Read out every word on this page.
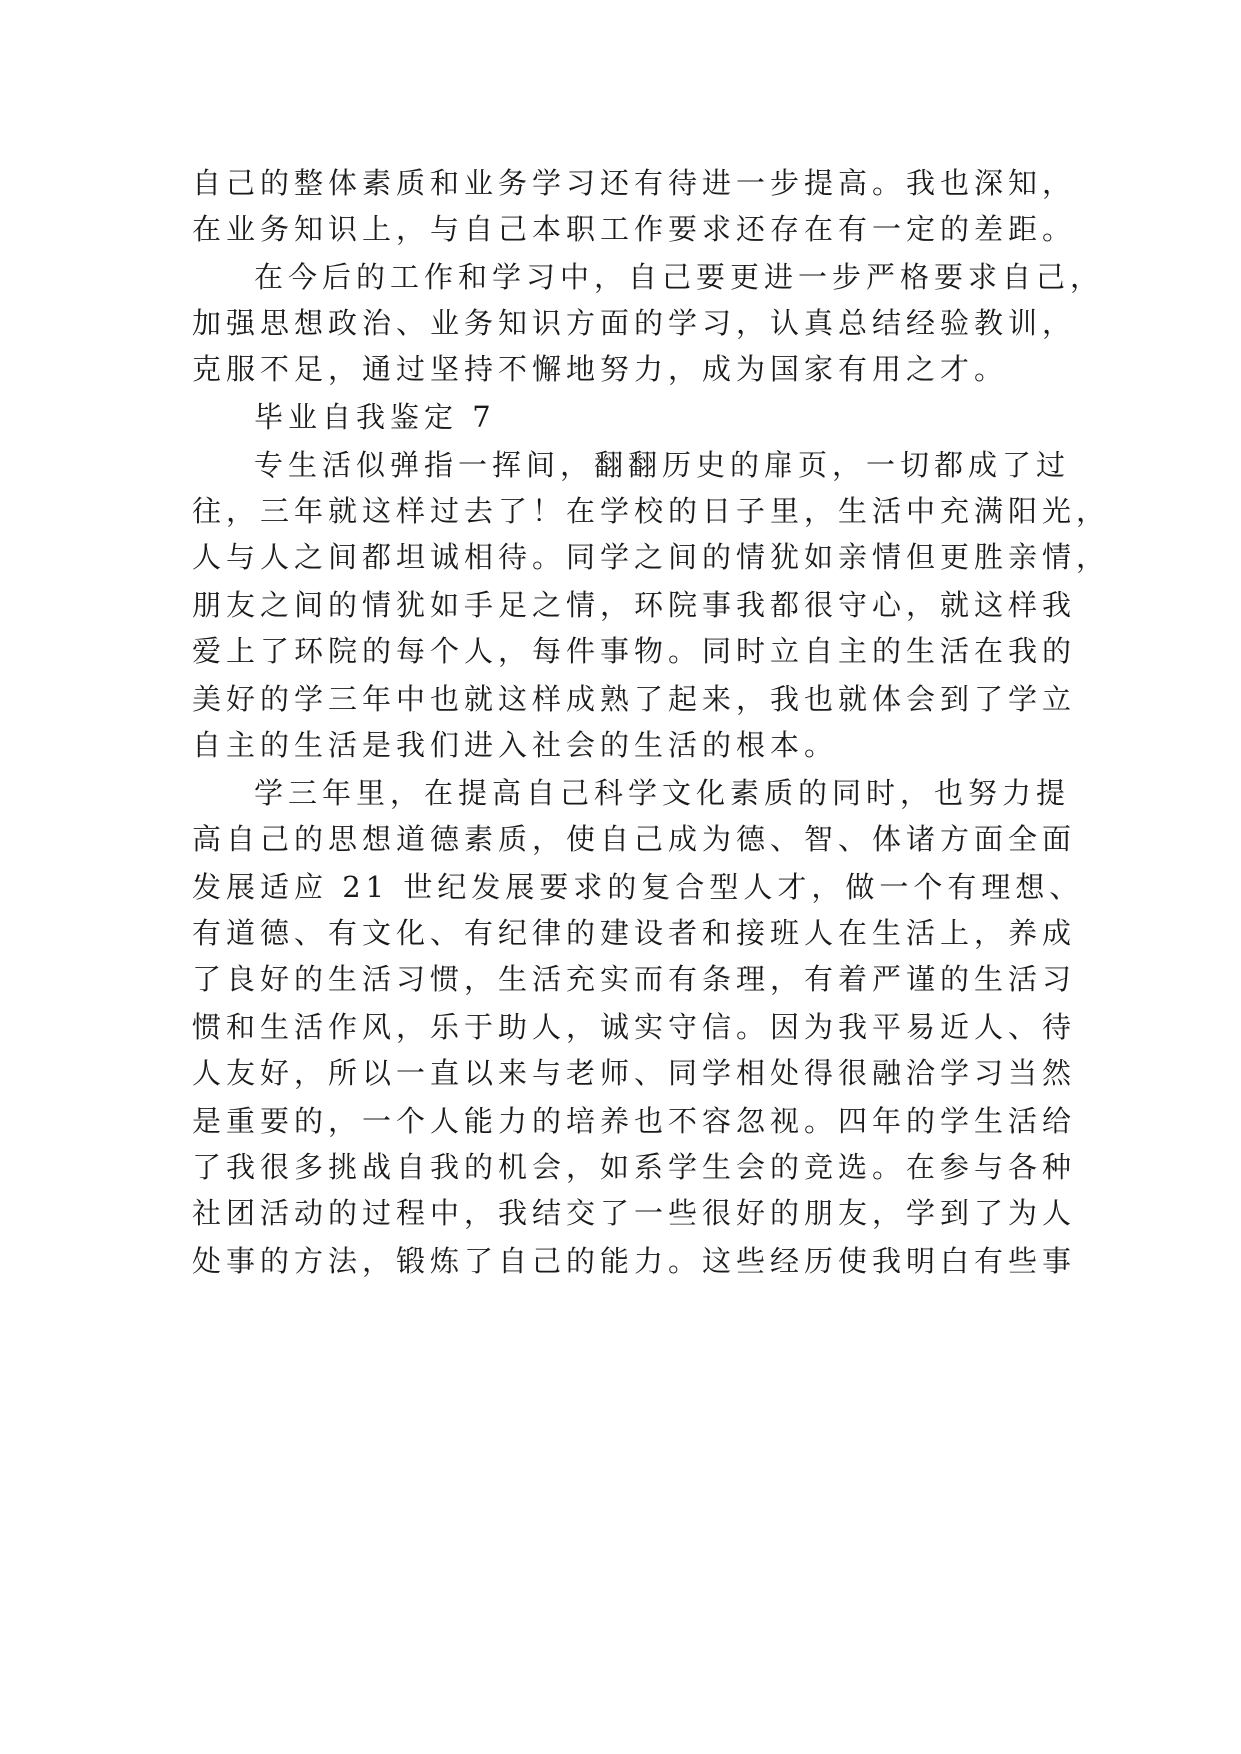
自己的整体素质和业务学习还有待进一步提高。我也深知，
在业务知识上，与自己本职工作要求还存在有一定的差距。
在今后的工作和学习中，自己要更进一步严格要求自己，
加强思想政治、业务知识方面的学习，认真总结经验教训，
克服不足，通过坚持不懈地努力，成为国家有用之才。
毕业自我鉴定 7
专生活似弹指一挥间，翻翻历史的扉页，一切都成了过
往，三年就这样过去了！在学校的日子里，生活中充满阳光，
人与人之间都坦诚相待。同学之间的情犹如亲情但更胜亲情，
朋友之间的情犹如手足之情，环院事我都很守心，就这样我
爱上了环院的每个人，每件事物。同时立自主的生活在我的
美好的学三年中也就这样成熟了起来，我也就体会到了学立
自主的生活是我们进入社会的生活的根本。
学三年里，在提高自己科学文化素质的同时，也努力提
高自己的思想道德素质，使自己成为德、智、体诸方面全面
发展适应 21 世纪发展要求的复合型人才，做一个有理想、
有道德、有文化、有纪律的建设者和接班人在生活上，养成
了良好的生活习惯，生活充实而有条理，有着严谨的生活习
惯和生活作风，乐于助人，诚实守信。因为我平易近人、待
人友好，所以一直以来与老师、同学相处得很融洽学习当然
是重要的，一个人能力的培养也不容忽视。四年的学生活给
了我很多挑战自我的机会，如系学生会的竞选。在参与各种
社团活动的过程中，我结交了一些很好的朋友，学到了为人
处事的方法，锻炼了自己的能力。这些经历使我明白有些事
